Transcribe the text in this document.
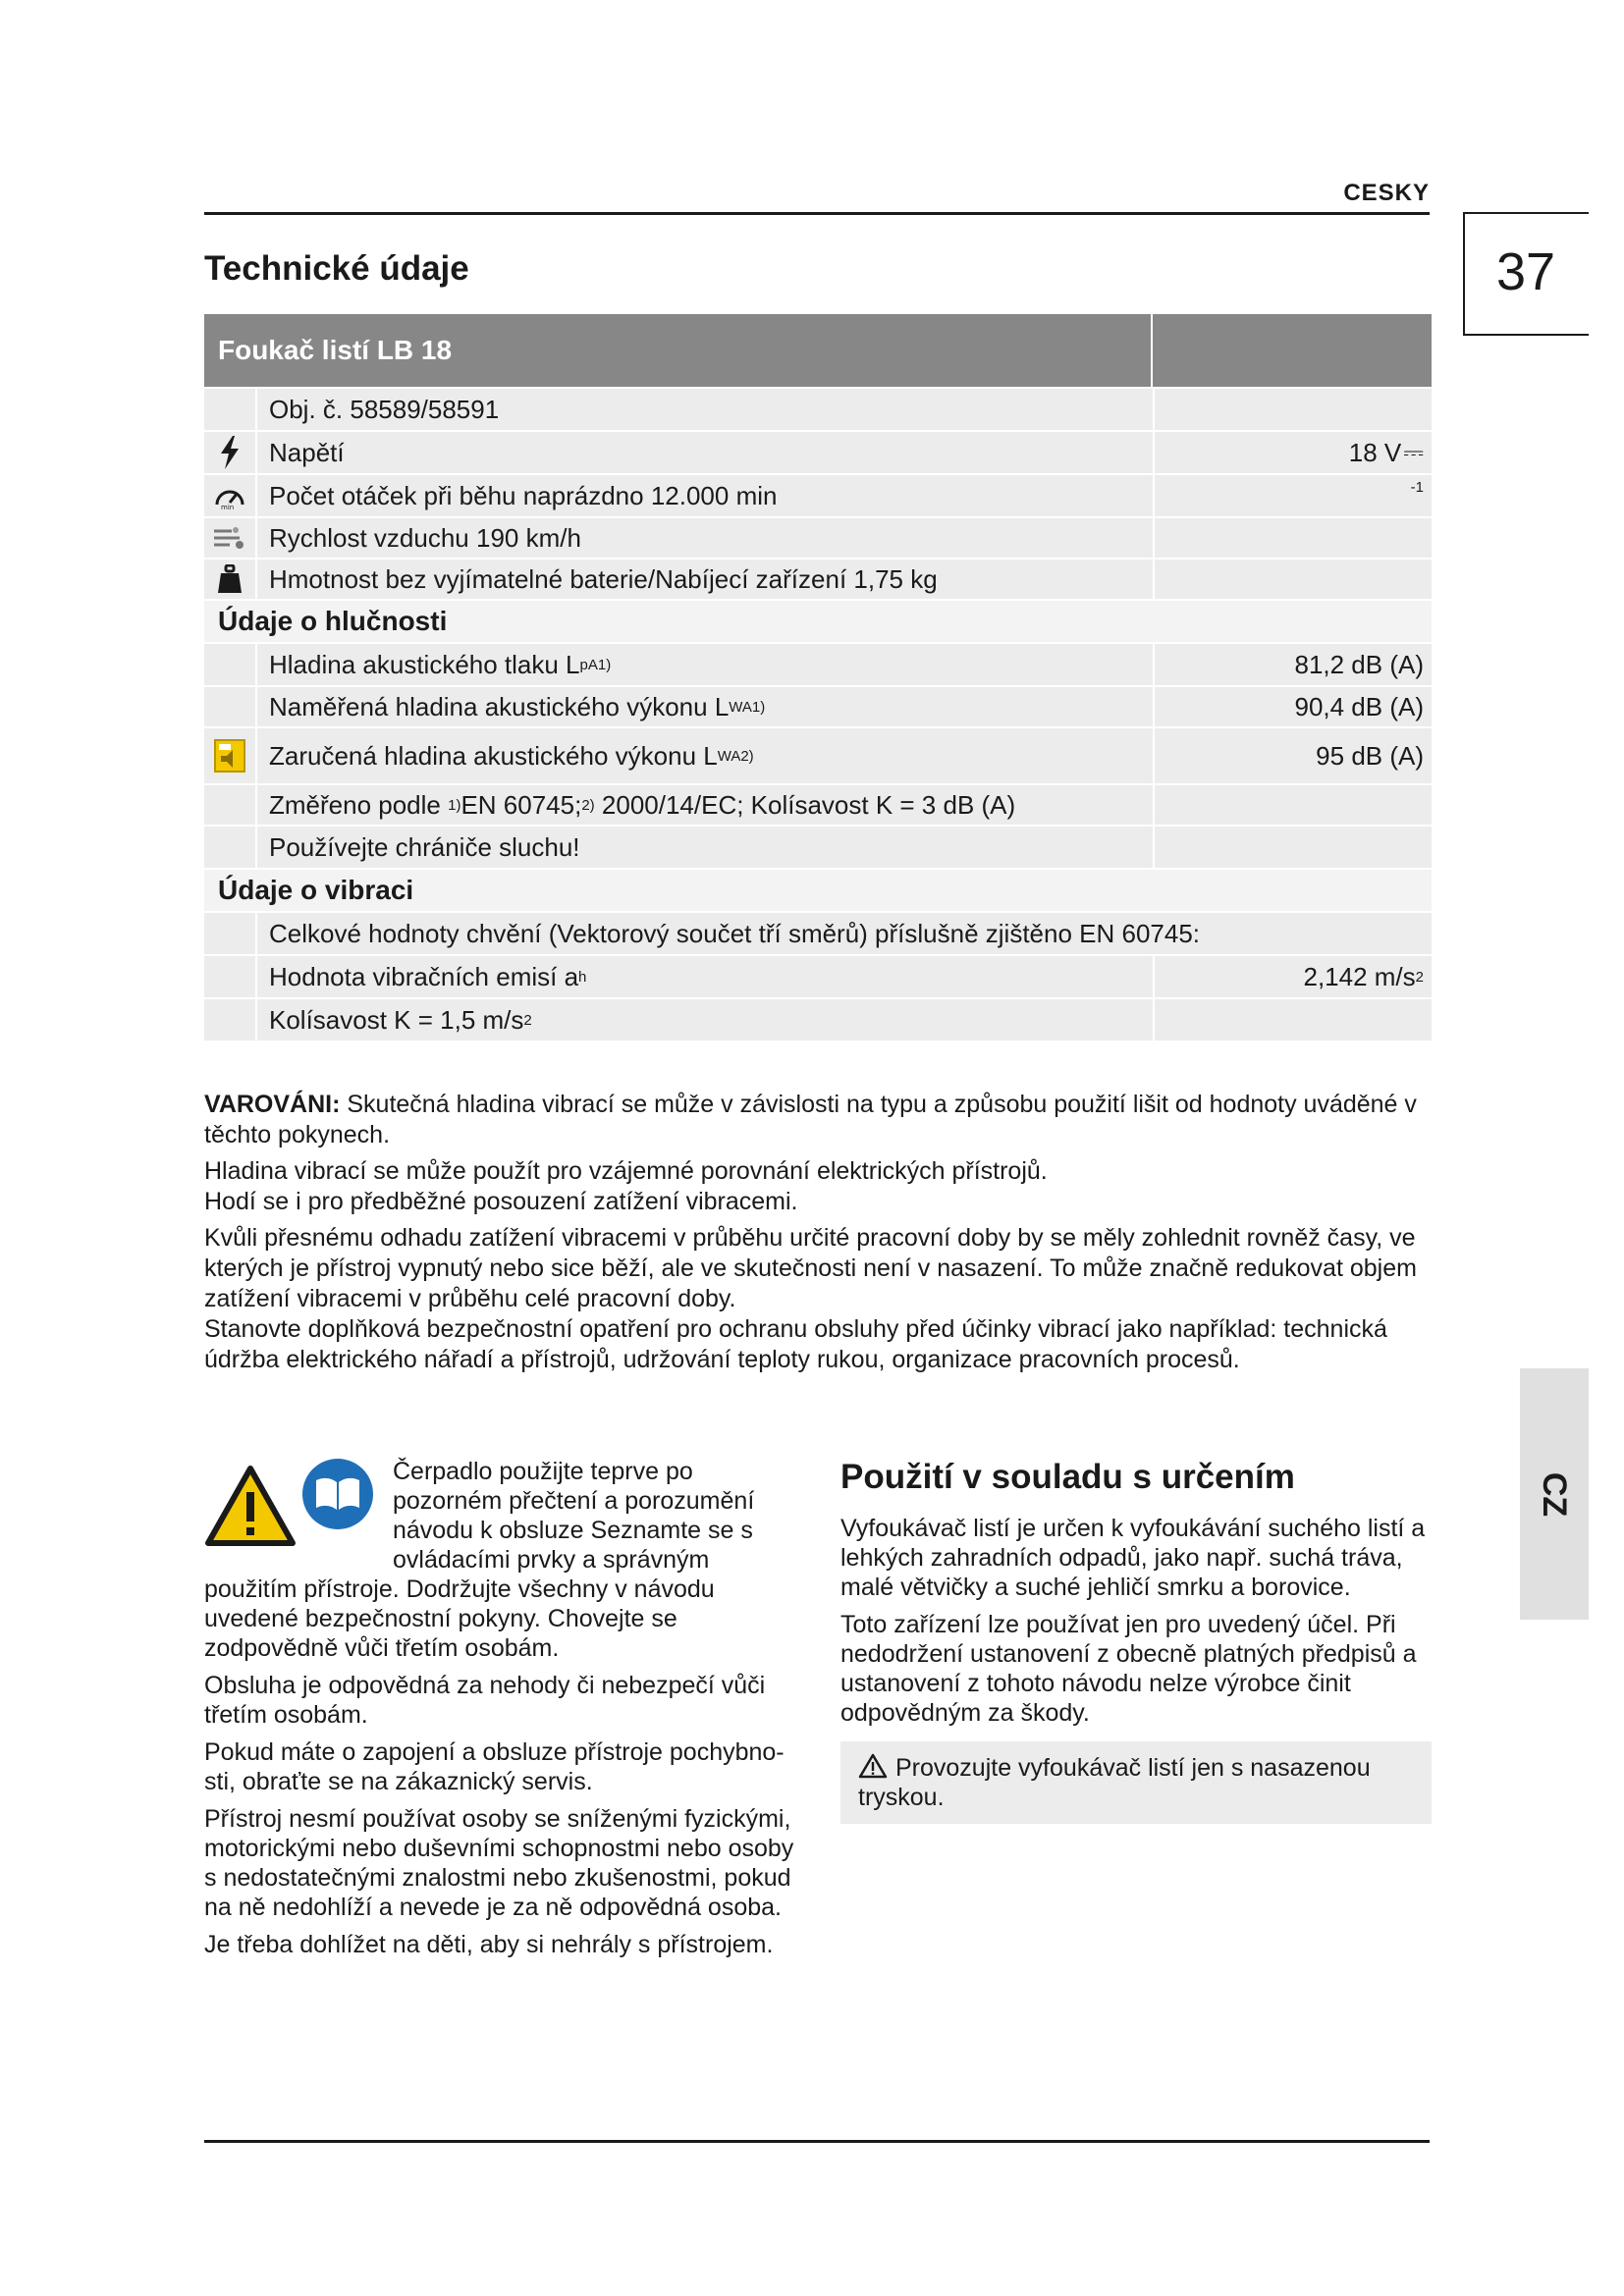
CESKY
37
Technické údaje
Foukač listí LB 18
Obj. č. 58589/58591
Napětí	18 V ⎓
min	Počet otáček při běhu naprázdno 12.000 min	-1
Rychlost vzduchu 190 km/h
Hmotnost bez vyjímatelné baterie/Nabíjecí zařízení 1,75 kg
Údaje o hlučnosti
Hladina akustického tlaku L pA 1)	81,2 dB (A)
Naměřená hladina akustického výkonu L WA 1)	90,4 dB (A)
Zaručená hladina akustického výkonu L WA 2)	95 dB (A)
Změřeno podle 1) EN 60745; 2) 2000/14/EC; Kolísavost K = 3 dB (A)
Používejte chrániče sluchu!
Údaje o vibraci
Celkové hodnoty chvění (Vektorový součet tří směrů) příslušně zjištěno EN 60745:
Hodnota vibračních emisí a h	2,142 m/s 2
Kolísavost K = 1,5 m/s 2

VAROVÁNI: Skutečná hladina vibrací se může v závislosti na typu a způsobu použití lišit od hodnoty uváděné v těchto pokynech.

Hladina vibrací se může použít pro vzájemné porovnání elektrických přístrojů.

Hodí se i pro předběžné posouzení zatížení vibracemi.

Kvůli přesnému odhadu zatížení vibracemi v průběhu určité pracovní doby by se měly zohlednit rovněž časy, ve kterých je přístroj vypnutý nebo sice běží, ale ve skutečnosti není v nasazení. To může značně redukovat objem zatížení vibracemi v průběhu celé pracovní doby.

Stanovte doplňková bezpečnostní opatření pro ochranu obsluhy před účinky vibrací jako například: technická údržba elektrického nářadí a přístrojů, udržování teploty rukou, organizace pracovních procesů.

Čerpadlo použijte teprve po pozorném přečtení a porozumění návodu k obsluze Seznamte se s ovládacími prvky a správným použitím přístroje. Dodržujte všechny v návodu uvedené bezpečnostní pokyny. Chovejte se zodpovědně vůči třetím osobám.

Obsluha je odpovědná za nehody či nebezpečí vůči třetím osobám.

Pokud máte o zapojení a obsluze přístroje pochybno-sti, obraťte se na zákaznický servis.

Přístroj nesmí používat osoby se sníženými fyzickými, motorickými nebo duševními schopnostmi nebo osoby s nedostatečnými znalostmi nebo zkušenostmi, pokud na ně nedohlíží a nevede je za ně odpovědná osoba.

Je třeba dohlížet na děti, aby si nehrály s přístrojem.

Použití v souladu s určením

Vyfoukávač listí je určen k vyfoukávání suchého listí a lehkých zahradních odpadů, jako např. suchá tráva, malé větvičky a suché jehličí smrku a borovice.

Toto zařízení lze používat jen pro uvedený účel. Při nedodržení ustanovení z obecně platných předpisů a ustanovení z tohoto návodu nelze výrobce činit odpovědným za škody.

Provozujte vyfoukávač listí jen s nasazenou tryskou.
CZ
